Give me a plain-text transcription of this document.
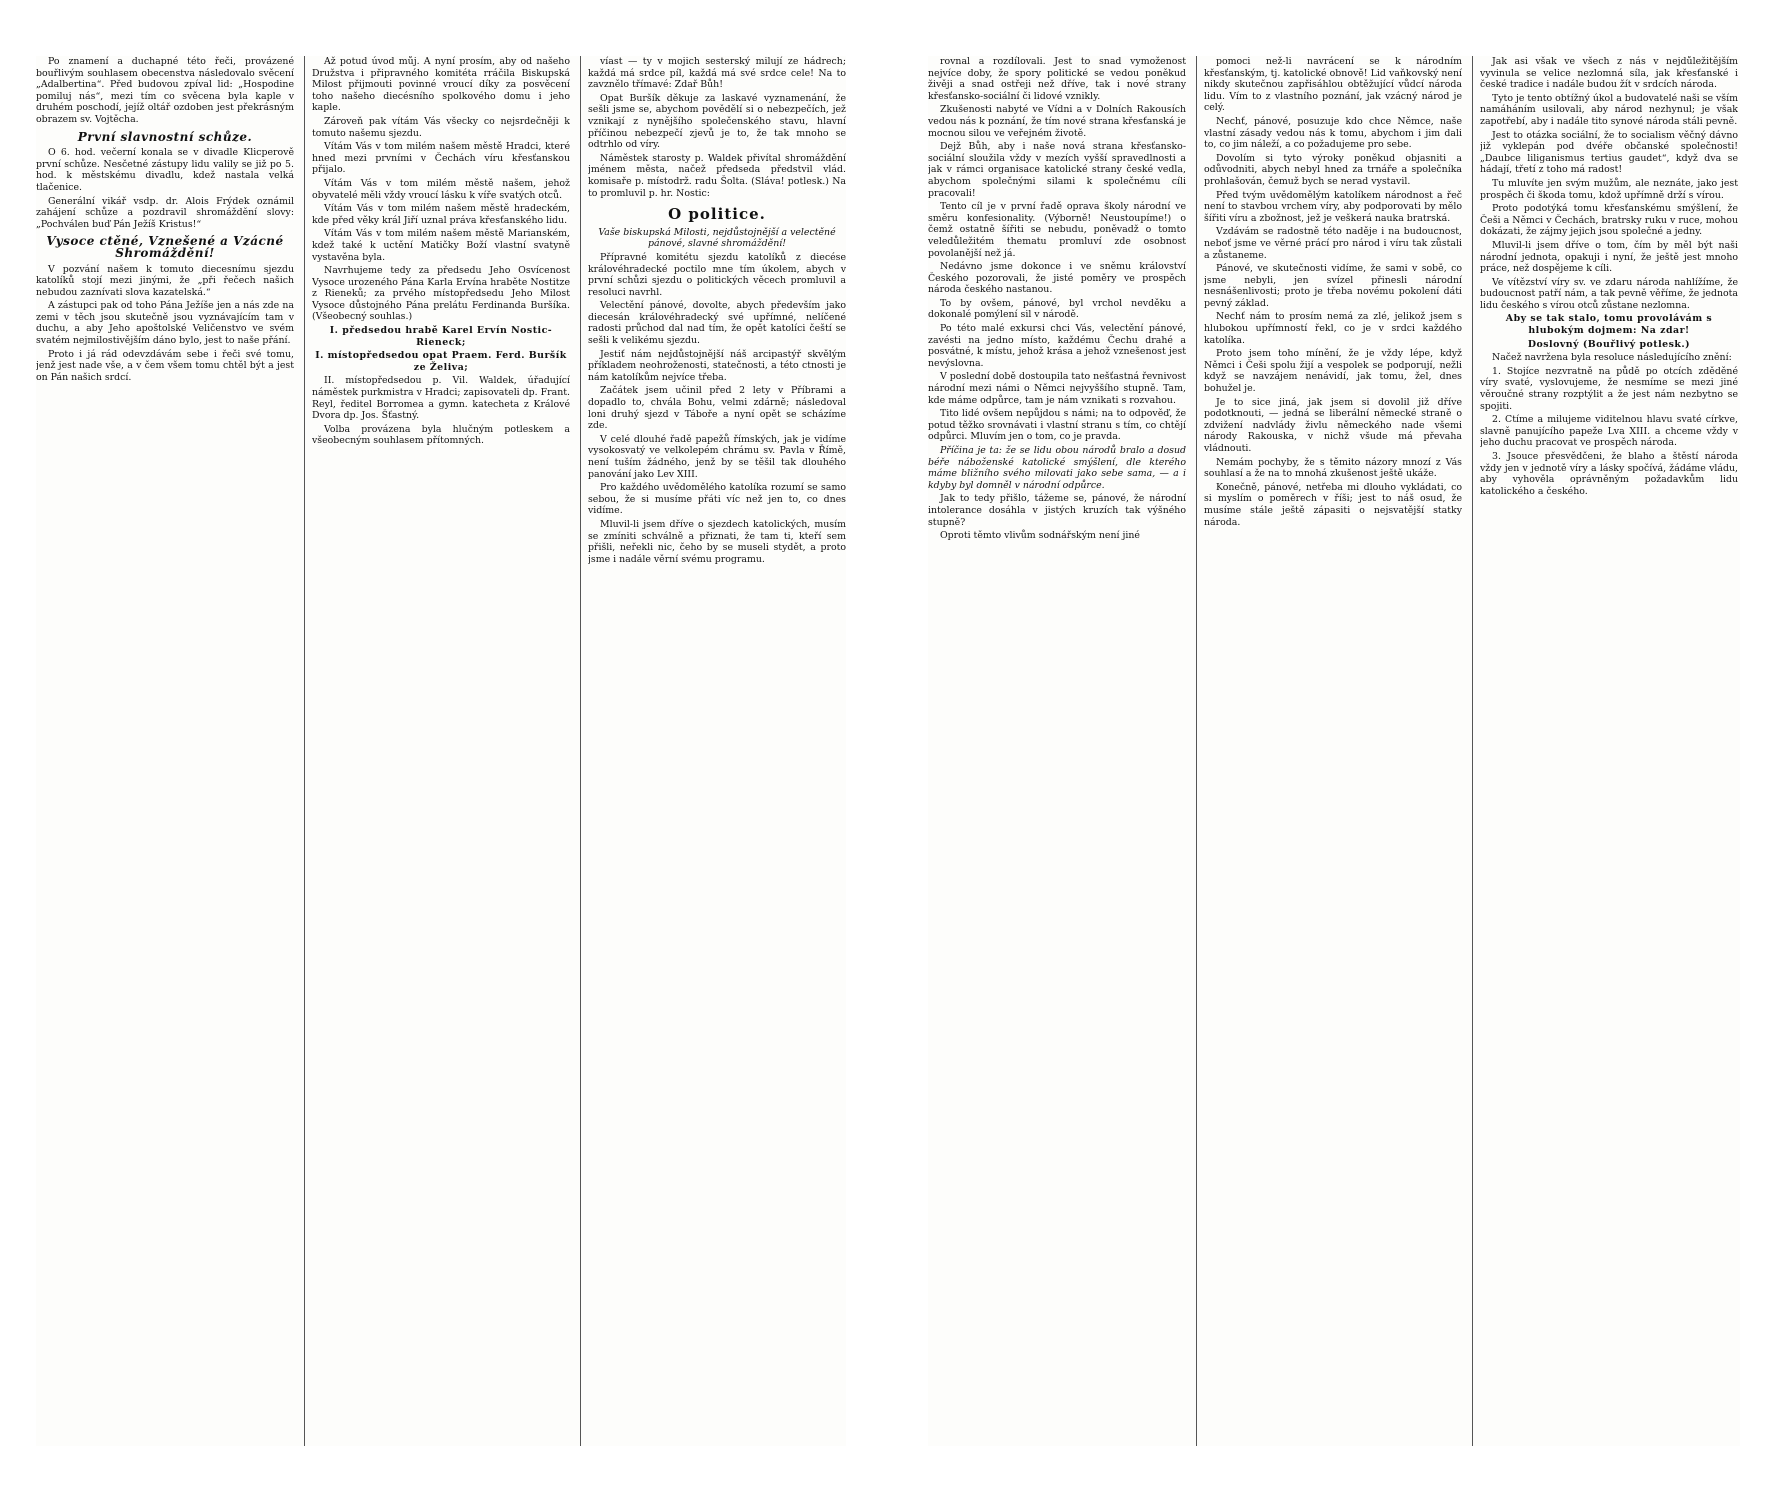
Po znamení a duchapné této řeči, provázené bouřlivým souhlasem obecenstva následovalo svěcení „Adalbertina“. Před budovou zpíval lid: „Hospodine pomiluj nás“, mezi tím co svěcena byla kaple v druhém poschodí, jejíž oltář ozdoben jest překrásným obrazem sv. Vojtěcha.

První slavnostní schůze.

O 6. hod. večerní konala se v divadle Klicperově první schůze. Nesčetné zástupy lidu valily se již po 5. hod. k městskému divadlu, kdež nastala velká tlačenice.

Generální vikář vsdp. dr. Alois Frýdek oznámil zahájení schůze a pozdravil shromáždění slovy: „Pochválen buď Pán Ježíš Kristus!“

Vysoce ctěné, Vznešené a Vzácné Shromáždění!

V pozvání našem k tomuto diecesnímu sjezdu katolíků stojí mezi jinými, že „při řečech našich nebudou zaznívati slova kazatelská.“

A zástupci pak od toho Pána Ježíše jen a nás zde na zemi v těch jsou skutečně jsou vyznávajícím tam v duchu, a aby Jeho apoštolské Veličenstvo ve svém svatém nejmilostivějším dáno bylo, jest to naše přání.

Proto i já rád odevzdávám sebe i řeči své tomu, jenž jest nade vše, a v čem všem tomu chtěl být a jest on Pán našich srdcí.

Až potud úvod můj. A nyní prosím, aby od našeho Družstva i připravného komitéta rráčila Biskupská Milost přijmouti povinné vroucí díky za posvěcení toho našeho diecésního spolkového domu i jeho kaple.

Zároveň pak vítám Vás všecky co nejsrdečněji k tomuto našemu sjezdu.

Vítám Vás v tom milém našem městě Hradci, které hned mezi prvními v Čechách víru křesťanskou přijalo.

Vítám Vás v tom milém městě našem, jehož obyvatelé měli vždy vroucí lásku k víře svatých otců.

Vítám Vás v tom milém našem městě hradeckém, kde před věky král Jiří uznal práva křesťanského lidu.

Vítám Vás v tom milém našem městě Marianském, kdež také k uctění Matičky Boží vlastní svatyně vystavěna byla.

Navrhujeme tedy za předsedu Jeho Osvícenost Vysoce urozeného Pána Karla Ervína hraběte Nostitze z Rieneků; za prvého místopředsedu Jeho Milost Vysoce důstojného Pána prelátu Ferdinanda Buršíka. (Všeobecný souhlas.)

I. předsedou hrabě Karel Ervín Nostic-Rieneck;

I. místopředsedou opat Praem. Ferd. Buršík ze Želiva;

II. místopředsedou p. Vil. Waldek, úřadující náměstek purkmistra v Hradci; zapisovateli dp. Frant. Reyl, ředitel Borromea a gymn. katecheta z Králové Dvora dp. Jos. Šťastný.

Volba provázena byla hlučným potleskem a všeobecným souhlasem přítomných.

víast — ty v mojich sesterský milují ze hádrech; každá má srdce píl, každá má své srdce cele! Na to zavznělo třímavé: Zdař Bůh!

Opat Buršík děkuje za laskavé vyznamenání, že sešli jsme se, abychom povědělí si o nebezpečích, jež vznikají z nynějšího společenského stavu, hlavní příčinou nebezpečí zjevů je to, že tak mnoho se odtrhlo od víry.

Náměstek starosty p. Waldek přivítal shromáždění jménem města, načež předseda předstvil vlád. komisaře p. místodrž. radu Šolta. (Sláva! potlesk.) Na to promluvil p. hr. Nostic:

O politice.

Vaše biskupská Milosti, nejdůstojnější a velectěné pánové, slavné shromáždění!

Přípravné komitétu sjezdu katolíků z diecése královéhradecké poctilo mne tím úkolem, abych v první schůzi sjezdu o politických věcech promluvil a resoluci navrhl.

Velectění pánové, dovolte, abych především jako diecesán královéhradecký své upřímné, nelíčené radosti průchod dal nad tím, že opět katolíci čeští se sešli k velikému sjezdu.

Jestiť nám nejdůstojnější náš arcipastýř skvělým příkladem neohroženosti, statečnosti, a této ctnosti je nám katolíkům nejvíce třeba.

Začátek jsem učinil před 2 lety v Příbrami a dopadlo to, chvála Bohu, velmi zdárně; následoval loni druhý sjezd v Táboře a nyní opět se scházíme zde.

V celé dlouhé řadě papežů římských, jak je vidíme vysokosvatý ve velkolepém chrámu sv. Pavla v Římě, není tuším žádného, jenž by se těšil tak dlouhého panování jako Lev XIII.

Pro každého uvědomělého katolíka rozumí se samo sebou, že si musíme přáti víc než jen to, co dnes vidíme.

Mluvil-li jsem dříve o sjezdech katolických, musím se zmíniti schválně a přiznati, že tam ti, kteří sem přišli, neřekli nic, čeho by se museli stydět, a proto jsme i nadále věrní svému programu.

rovnal a rozdílovali. Jest to snad vymoženost nejvíce doby, že spory politické se vedou poněkud živěji a snad ostřeji než dříve, tak i nové strany křesťansko-sociální či lidové vznikly.

Zkušenosti nabyté ve Vídni a v Dolních Rakousích vedou nás k poznání, že tím nové strana křesťanská je mocnou silou ve veřejném životě.

Dejž Bůh, aby i naše nová strana křesťansko-sociální sloužila vždy v mezích vyšší spravedlnosti a jak v rámci organisace katolické strany české vedla, abychom společnými silami k společnému cíli pracovali!

Tento cíl je v první řadě oprava školy národní ve směru konfesionality. (Výborně! Neustoupíme!) o čemž ostatně šířiti se nebudu, poněvadž o tomto veledůležitém thematu promluví zde osobnost povolanější než já.

Nedávno jsme dokonce i ve sněmu království Českého pozorovali, že jisté poměry ve prospěch národa českého nastanou.

To by ovšem, pánové, byl vrchol nevděku a dokonalé pomýlení sil v národě.

Po této malé exkursi chci Vás, velectění pánové, zavésti na jedno místo, každému Čechu drahé a posvátné, k místu, jehož krása a jehož vznešenost jest nevýslovna.

V poslední době dostoupila tato nešťastná řevnivost národní mezi námi o Němci nejvyššího stupně. Tam, kde máme odpůrce, tam je nám vznikati s rozvahou.

Tito lidé ovšem nepůjdou s námi; na to odpověď, že potud těžko srovnávati i vlastní stranu s tím, co chtějí odpůrci. Mluvím jen o tom, co je pravda.

Příčina je ta: že se lidu obou národů bralo a dosud béře náboženské katolické smýšlení, dle kterého máme bližního svého milovati jako sebe sama, — a i kdyby byl domněl v národní odpůrce.

Jak to tedy přišlo, tážeme se, pánové, že národní intolerance dosáhla v jistých kruzích tak výšného stupně?

Oproti těmto vlivům sodnářským není jiné

pomoci než-li navrácení se k národním křesťanským, tj. katolické obnově! Lid vaňkovský není nikdy skutečnou zapřisáhlou obtěžující vůdcí národa lidu. Vím to z vlastního poznání, jak vzácný národ je celý.

Nechť, pánové, posuzuje kdo chce Němce, naše vlastní zásady vedou nás k tomu, abychom i jim dali to, co jim náleží, a co požadujeme pro sebe.

Dovolím si tyto výroky poněkud objasniti a odůvodniti, abych nebyl hned za trnáře a společníka prohlašován, čemuž bych se nerad vystavil.

Před tvým uvědomělým katolíkem národnost a řeč není to stavbou vrchem víry, aby podporovati by mělo šířiti víru a zbožnost, jež je veškerá nauka bratrská.

Vzdávám se radostně této naděje i na budoucnost, neboť jsme ve věrné prácí pro národ i víru tak zůstali a zůstaneme.

Pánové, ve skutečnosti vidíme, že sami v sobě, co jsme nebyli, jen svízel přinesli národní nesnášenlivosti; proto je třeba novému pokolení dáti pevný základ.

Nechť nám to prosím nemá za zlé, jelikož jsem s hlubokou upřímností řekl, co je v srdci každého katolíka.

Proto jsem toho mínění, že je vždy lépe, když Němci i Češi spolu žijí a vespolek se podporují, nežli když se navzájem nenávidí, jak tomu, žel, dnes bohužel je.

Je to sice jiná, jak jsem si dovolil již dříve podotknouti, — jedná se liberální německé straně o zdvižení nadvlády živlu německého nade všemi národy Rakouska, v nichž všude má převaha vládnouti.

Nemám pochyby, že s těmito názory mnozí z Vás souhlasí a že na to mnohá zkušenost ještě ukáže.

Konečně, pánové, netřeba mi dlouho vykládati, co si myslím o poměrech v říši; jest to náš osud, že musíme stále ještě zápasiti o nejsvatější statky národa.

Jak asi však ve všech z nás v nejdůležitějším vyvinula se velice nezlomná síla, jak křesťanské i české tradice i nadále budou žít v srdcích národa.

Tyto je tento obtížný úkol a budovatelé naši se vším namáháním usilovali, aby národ nezhynul; je však zapotřebí, aby i nadále tito synové národa stáli pevně.

Jest to otázka sociální, že to socialism věčný dávno již vyklepán pod dvéře občanské společnosti! „Daubce liliganismus tertius gaudet“, když dva se hádají, třetí z toho má radost!

Tu mluvíte jen svým mužům, ale neznáte, jako jest prospěch či škoda tomu, kdož upřímně drží s vírou.

Proto podotýká tomu křesťanskému smýšlení, že Češi a Němci v Čechách, bratrsky ruku v ruce, mohou dokázati, že zájmy jejich jsou společné a jedny.

Mluvil-li jsem dříve o tom, čím by měl být naši národní jednota, opakuji i nyní, že ještě jest mnoho práce, než dospějeme k cíli.

Ve vítězství víry sv. ve zdaru národa nahlížíme, že budoucnost patří nám, a tak pevně věříme, že jednota lidu českého s vírou otců zůstane nezlomna.

Aby se tak stalo, tomu provolávám s hlubokým dojmem: Na zdar!

Doslovný (Bouřlivý potlesk.)

Načež navržena byla resoluce následujícího znění:

1. Stojíce nezvratně na půdě po otcích zděděné víry svaté, vyslovujeme, že nesmíme se mezi jiné věroučné strany rozptýlit a že jest nám nezbytno se spojiti.

2. Ctíme a milujeme viditelnou hlavu svaté církve, slavně panujícího papeže Lva XIII. a chceme vždy v jeho duchu pracovat ve prospěch národa.

3. Jsouce přesvědčeni, že blaho a štěstí národa vždy jen v jednotě víry a lásky spočívá, žádáme vládu, aby vyhověla oprávněným požadavkům lidu katolického a českého.
